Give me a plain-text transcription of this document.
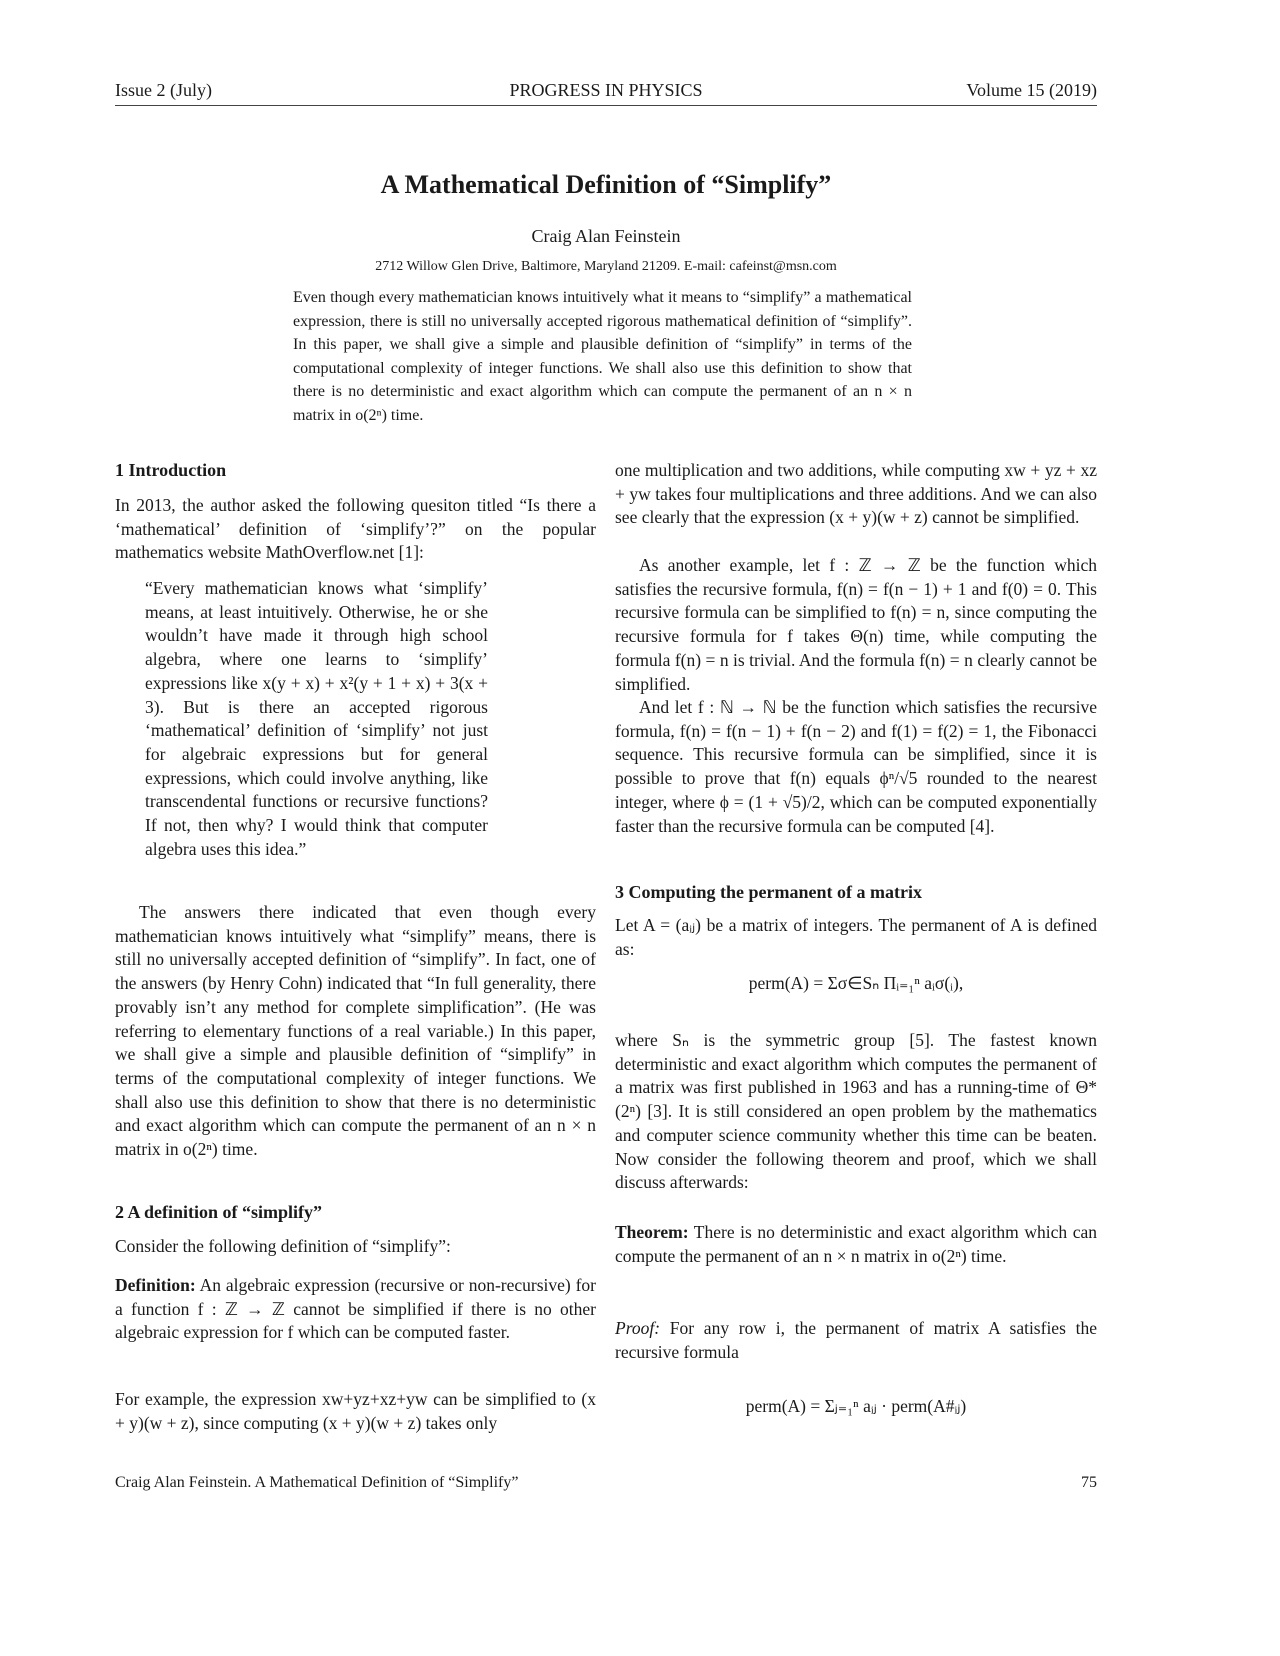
Issue 2 (July)	PROGRESS IN PHYSICS	Volume 15 (2019)
A Mathematical Definition of “Simplify”
Craig Alan Feinstein
2712 Willow Glen Drive, Baltimore, Maryland 21209. E-mail: cafeinst@msn.com
Even though every mathematician knows intuitively what it means to “simplify” a mathematical expression, there is still no universally accepted rigorous mathematical definition of “simplify”. In this paper, we shall give a simple and plausible definition of “simplify” in terms of the computational complexity of integer functions. We shall also use this definition to show that there is no deterministic and exact algorithm which can compute the permanent of an n × n matrix in o(2ⁿ) time.
1 Introduction

In 2013, the author asked the following quesiton titled “Is there a ‘mathematical’ definition of ‘simplify’?” on the popular mathematics website MathOverflow.net [1]:

“Every mathematician knows what ‘simplify’ means, at least intuitively. Otherwise, he or she wouldn’t have made it through high school algebra, where one learns to ‘simplify’ expressions like x(y + x) + x²(y + 1 + x) + 3(x + 3). But is there an accepted rigorous ‘mathematical’ definition of ‘simplify’ not just for algebraic expressions but for general expressions, which could involve anything, like transcendental functions or recursive functions? If not, then why? I would think that computer algebra uses this idea.”

The answers there indicated that even though every mathematician knows intuitively what “simplify” means, there is still no universally accepted definition of “simplify”. In fact, one of the answers (by Henry Cohn) indicated that “In full generality, there provably isn’t any method for complete simplification”. (He was referring to elementary functions of a real variable.) In this paper, we shall give a simple and plausible definition of “simplify” in terms of the computational complexity of integer functions. We shall also use this definition to show that there is no deterministic and exact algorithm which can compute the permanent of an n × n matrix in o(2ⁿ) time.

2 A definition of “simplify”

Consider the following definition of “simplify”:

Definition: An algebraic expression (recursive or non-recursive) for a function f : ℤ → ℤ cannot be simplified if there is no other algebraic expression for f which can be computed faster.

For example, the expression xw+yz+xz+yw can be simplified to (x + y)(w + z), since computing (x + y)(w + z) takes only

one multiplication and two additions, while computing xw + yz + xz + yw takes four multiplications and three additions. And we can also see clearly that the expression (x + y)(w + z) cannot be simplified.

As another example, let f : ℤ → ℤ be the function which satisfies the recursive formula, f(n) = f(n − 1) + 1 and f(0) = 0. This recursive formula can be simplified to f(n) = n, since computing the recursive formula for f takes Θ(n) time, while computing the formula f(n) = n is trivial. And the formula f(n) = n clearly cannot be simplified.

And let f : ℕ → ℕ be the function which satisfies the recursive formula, f(n) = f(n − 1) + f(n − 2) and f(1) = f(2) = 1, the Fibonacci sequence. This recursive formula can be simplified, since it is possible to prove that f(n) equals ϕⁿ/√5 rounded to the nearest integer, where ϕ = (1 + √5)/2, which can be computed exponentially faster than the recursive formula can be computed [4].

3 Computing the permanent of a matrix

Let A = (aᵢⱼ) be a matrix of integers. The permanent of A is defined as:

perm(A) = Σσ∈Sₙ Πᵢ₌₁ⁿ aᵢσ(ᵢ),

where Sₙ is the symmetric group [5]. The fastest known deterministic and exact algorithm which computes the permanent of a matrix was first published in 1963 and has a running-time of Θ*(2ⁿ) [3]. It is still considered an open problem by the mathematics and computer science community whether this time can be beaten. Now consider the following theorem and proof, which we shall discuss afterwards:

Theorem: There is no deterministic and exact algorithm which can compute the permanent of an n × n matrix in o(2ⁿ) time.

Proof: For any row i, the permanent of matrix A satisfies the recursive formula

perm(A) = Σⱼ₌₁ⁿ aᵢⱼ · perm(A#ᵢⱼ)
Craig Alan Feinstein. A Mathematical Definition of “Simplify”	75
